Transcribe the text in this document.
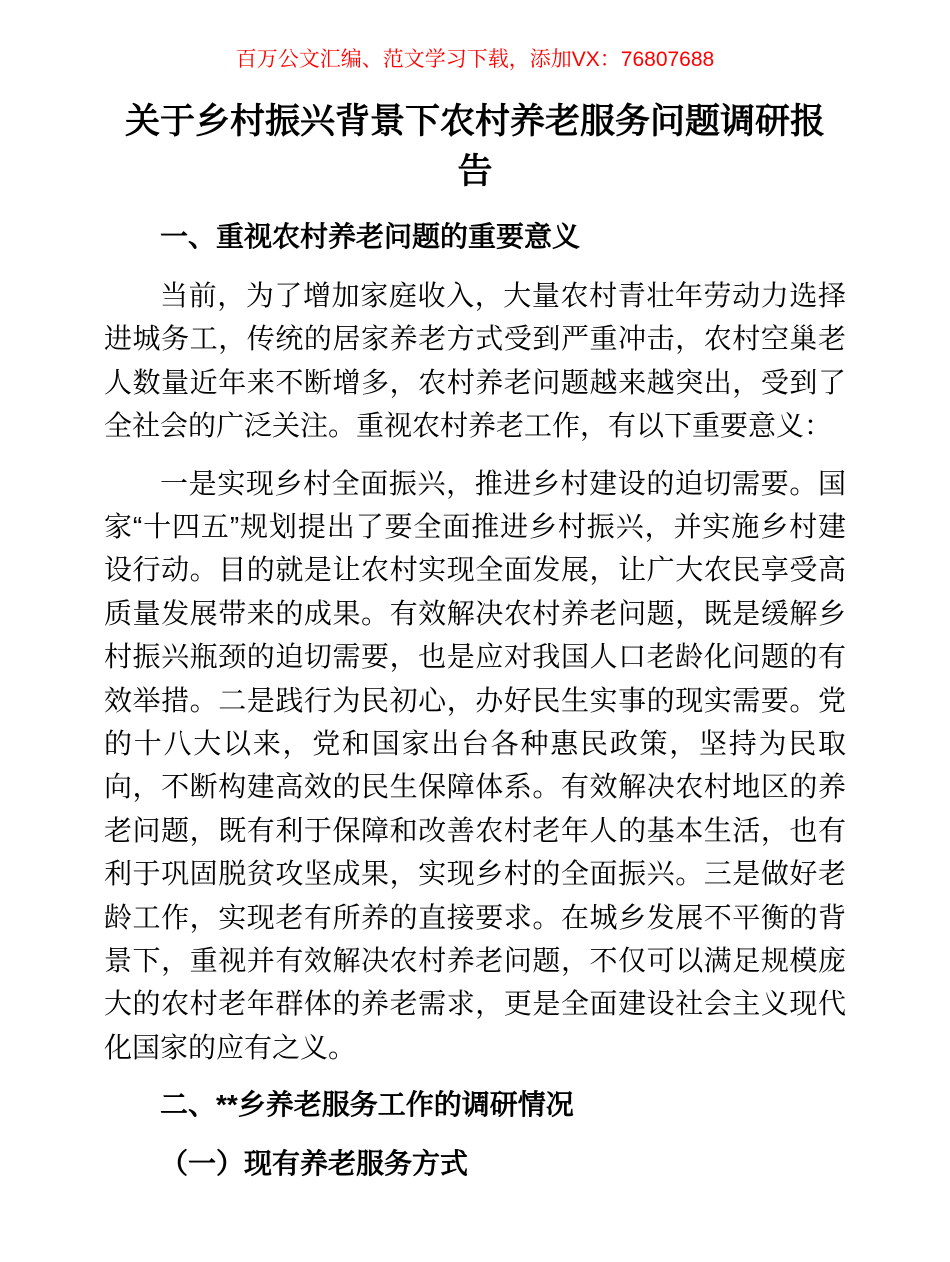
百万公文汇编、范文学习下载，添加VX：76807688
关于乡村振兴背景下农村养老服务问题调研报告
一、重视农村养老问题的重要意义

当前，为了增加家庭收入，大量农村青壮年劳动力选择进城务工，传统的居家养老方式受到严重冲击，农村空巢老人数量近年来不断增多，农村养老问题越来越突出，受到了全社会的广泛关注。重视农村养老工作，有以下重要意义：

一是实现乡村全面振兴，推进乡村建设的迫切需要。国家“十四五”规划提出了要全面推进乡村振兴，并实施乡村建设行动。目的就是让农村实现全面发展，让广大农民享受高质量发展带来的成果。有效解决农村养老问题，既是缓解乡村振兴瓶颈的迫切需要，也是应对我国人口老龄化问题的有效举措。二是践行为民初心，办好民生实事的现实需要。党的十八大以来，党和国家出台各种惠民政策，坚持为民取向，不断构建高效的民生保障体系。有效解决农村地区的养老问题，既有利于保障和改善农村老年人的基本生活，也有利于巩固脱贫攻坚成果，实现乡村的全面振兴。三是做好老龄工作，实现老有所养的直接要求。在城乡发展不平衡的背景下，重视并有效解决农村养老问题，不仅可以满足规模庞大的农村老年群体的养老需求，更是全面建设社会主义现代化国家的应有之义。

二、**乡养老服务工作的调研情况
（一）现有养老服务方式
